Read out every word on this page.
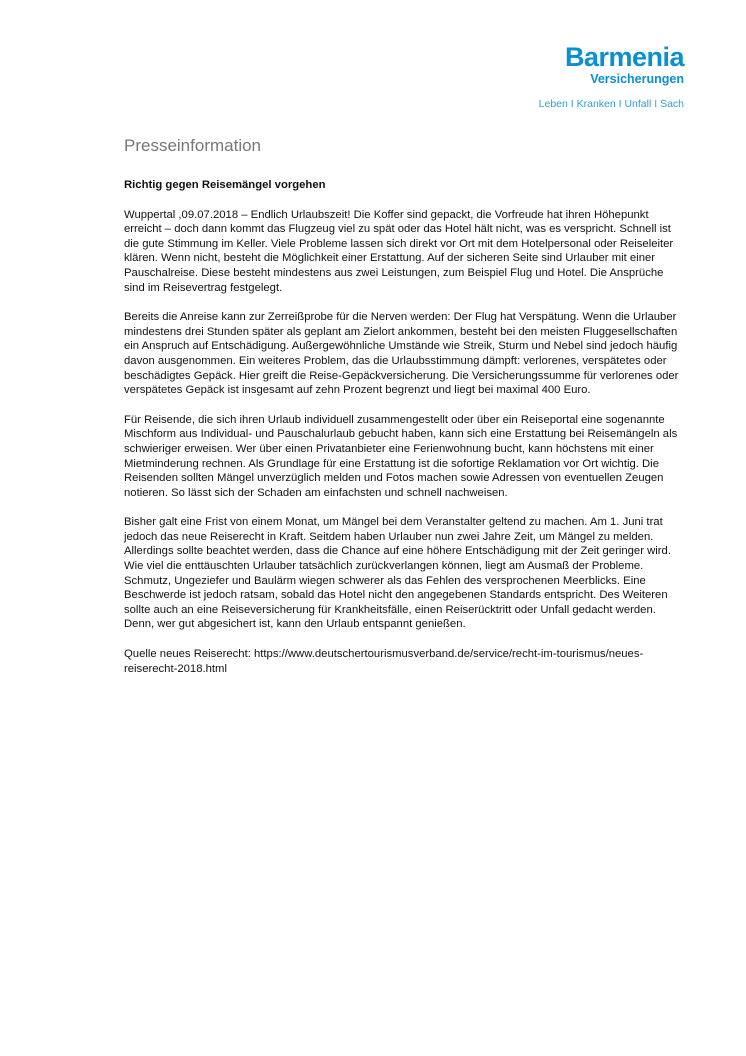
Barmenia
Versicherungen
Leben I Kranken I Unfall I Sach
Presseinformation

Richtig gegen Reisemängel vorgehen

Wuppertal ,09.07.2018 – Endlich Urlaubszeit! Die Koffer sind gepackt, die Vorfreude hat ihren Höhepunkt erreicht – doch dann kommt das Flugzeug viel zu spät oder das Hotel hält nicht, was es verspricht. Schnell ist die gute Stimmung im Keller. Viele Probleme lassen sich direkt vor Ort mit dem Hotelpersonal oder Reiseleiter klären. Wenn nicht, besteht die Möglichkeit einer Erstattung. Auf der sicheren Seite sind Urlauber mit einer Pauschalreise. Diese besteht mindestens aus zwei Leistungen, zum Beispiel Flug und Hotel. Die Ansprüche sind im Reisevertrag festgelegt.

Bereits die Anreise kann zur Zerreißprobe für die Nerven werden: Der Flug hat Verspätung. Wenn die Urlauber mindestens drei Stunden später als geplant am Zielort ankommen, besteht bei den meisten Fluggesellschaften ein Anspruch auf Entschädigung. Außergewöhnliche Umstände wie Streik, Sturm und Nebel sind jedoch häufig davon ausgenommen. Ein weiteres Problem, das die Urlaubsstimmung dämpft: verlorenes, verspätetes oder beschädigtes Gepäck. Hier greift die Reise-Gepäckversicherung. Die Versicherungssumme für verlorenes oder verspätetes Gepäck ist insgesamt auf zehn Prozent begrenzt und liegt bei maximal 400 Euro.

Für Reisende, die sich ihren Urlaub individuell zusammengestellt oder über ein Reiseportal eine sogenannte Mischform aus Individual- und Pauschalurlaub gebucht haben, kann sich eine Erstattung bei Reisemängeln als schwieriger erweisen. Wer über einen Privatanbieter eine Ferienwohnung bucht, kann höchstens mit einer Mietminderung rechnen. Als Grundlage für eine Erstattung ist die sofortige Reklamation vor Ort wichtig. Die Reisenden sollten Mängel unverzüglich melden und Fotos machen sowie Adressen von eventuellen Zeugen notieren. So lässt sich der Schaden am einfachsten und schnell nachweisen.

Bisher galt eine Frist von einem Monat, um Mängel bei dem Veranstalter geltend zu machen. Am 1. Juni trat jedoch das neue Reiserecht in Kraft. Seitdem haben Urlauber nun zwei Jahre Zeit, um Mängel zu melden. Allerdings sollte beachtet werden, dass die Chance auf eine höhere Entschädigung mit der Zeit geringer wird. Wie viel die enttäuschten Urlauber tatsächlich zurückverlangen können, liegt am Ausmaß der Probleme. Schmutz, Ungeziefer und Baulärm wiegen schwerer als das Fehlen des versprochenen Meerblicks. Eine Beschwerde ist jedoch ratsam, sobald das Hotel nicht den angegebenen Standards entspricht. Des Weiteren sollte auch an eine Reiseversicherung für Krankheitsfälle, einen Reiserücktritt oder Unfall gedacht werden. Denn, wer gut abgesichert ist, kann den Urlaub entspannt genießen.

Quelle neues Reiserecht: https://www.deutschertourismusverband.de/service/recht-im-tourismus/neues-reiserecht-2018.html
